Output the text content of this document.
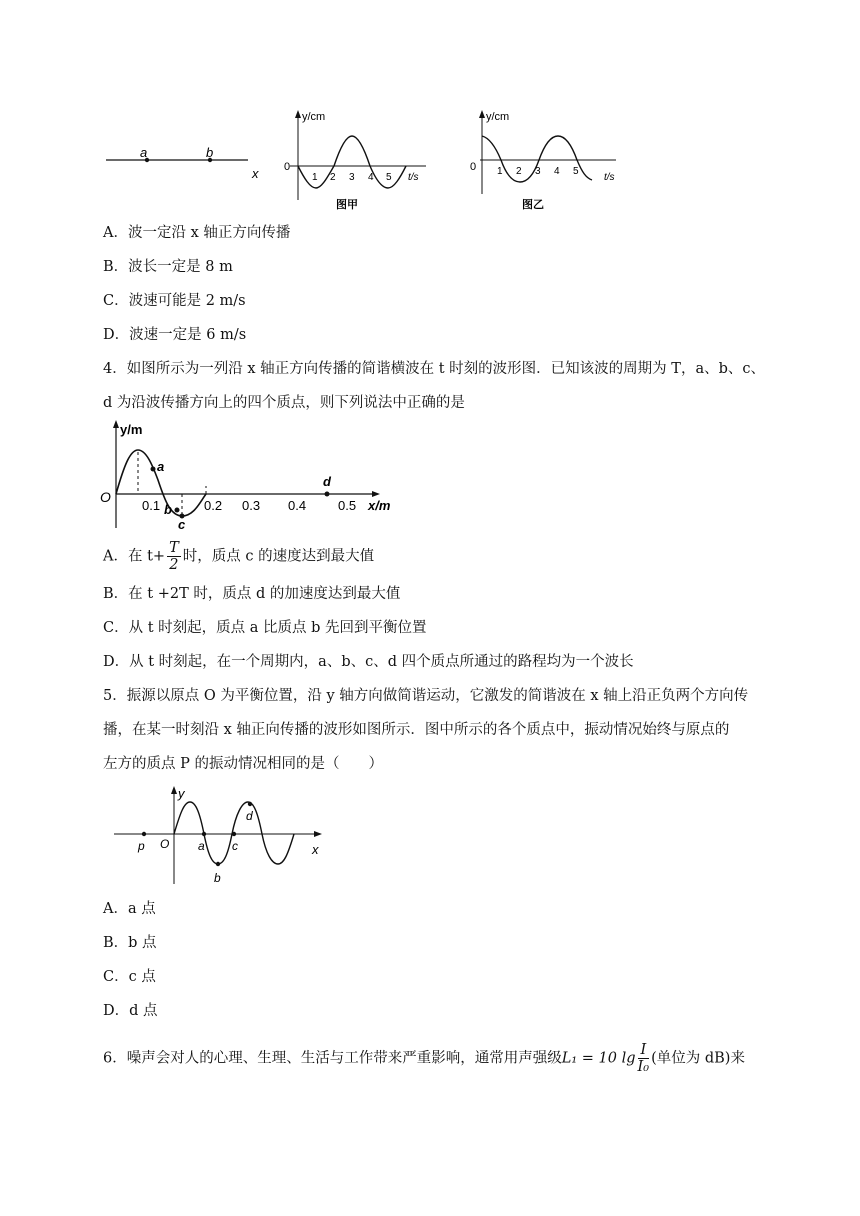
a	b
x
y/cm
0
1 2 3 4 5 t/s
图甲
y/cm
0 1 2 3 4 5
t/s
图乙
A．波一定沿 x 轴正方向传播
B．波长一定是 8 m
C．波速可能是 2 m/s
D．波速一定是 6 m/s
4．如图所示为一列沿 x 轴正方向传播的简谐横波在 t 时刻的波形图．已知该波的周期为 T，a、b、c、
d 为沿波传播方向上的四个质点，则下列说法中正确的是
y/m
O
a
b
c
d
0.1	0.2 0.3 0.4 0.5 x/m
A．在 $t+ \frac{T}{2}$ 时，质点 c 的速度达到最大值
B．在 t +2T 时，质点 d 的加速度达到最大值
C．从 t 时刻起，质点 a 比质点 b 先回到平衡位置
D．从 t 时刻起，在一个周期内，a、b、c、d 四个质点所通过的路程均为一个波长
5．振源以原点 O 为平衡位置，沿 y 轴方向做简谐运动，它激发的简谐波在 x 轴上沿正负两个方向传
播，在某一时刻沿 x 轴正向传播的波形如图所示．图中所示的各个质点中，振动情况始终与原点的
左方的质点 P 的振动情况相同的是（　　）
y
x
O
p	a
b
c
d
A．a 点
B．b 点
C．c 点
D．d 点
6．噪声会对人的心理、生理、生活与工作带来严重影响，通常用声强级L₁ = 10 $\lg \frac{I}{\text{I₀}}$ (单位为 dB)来
